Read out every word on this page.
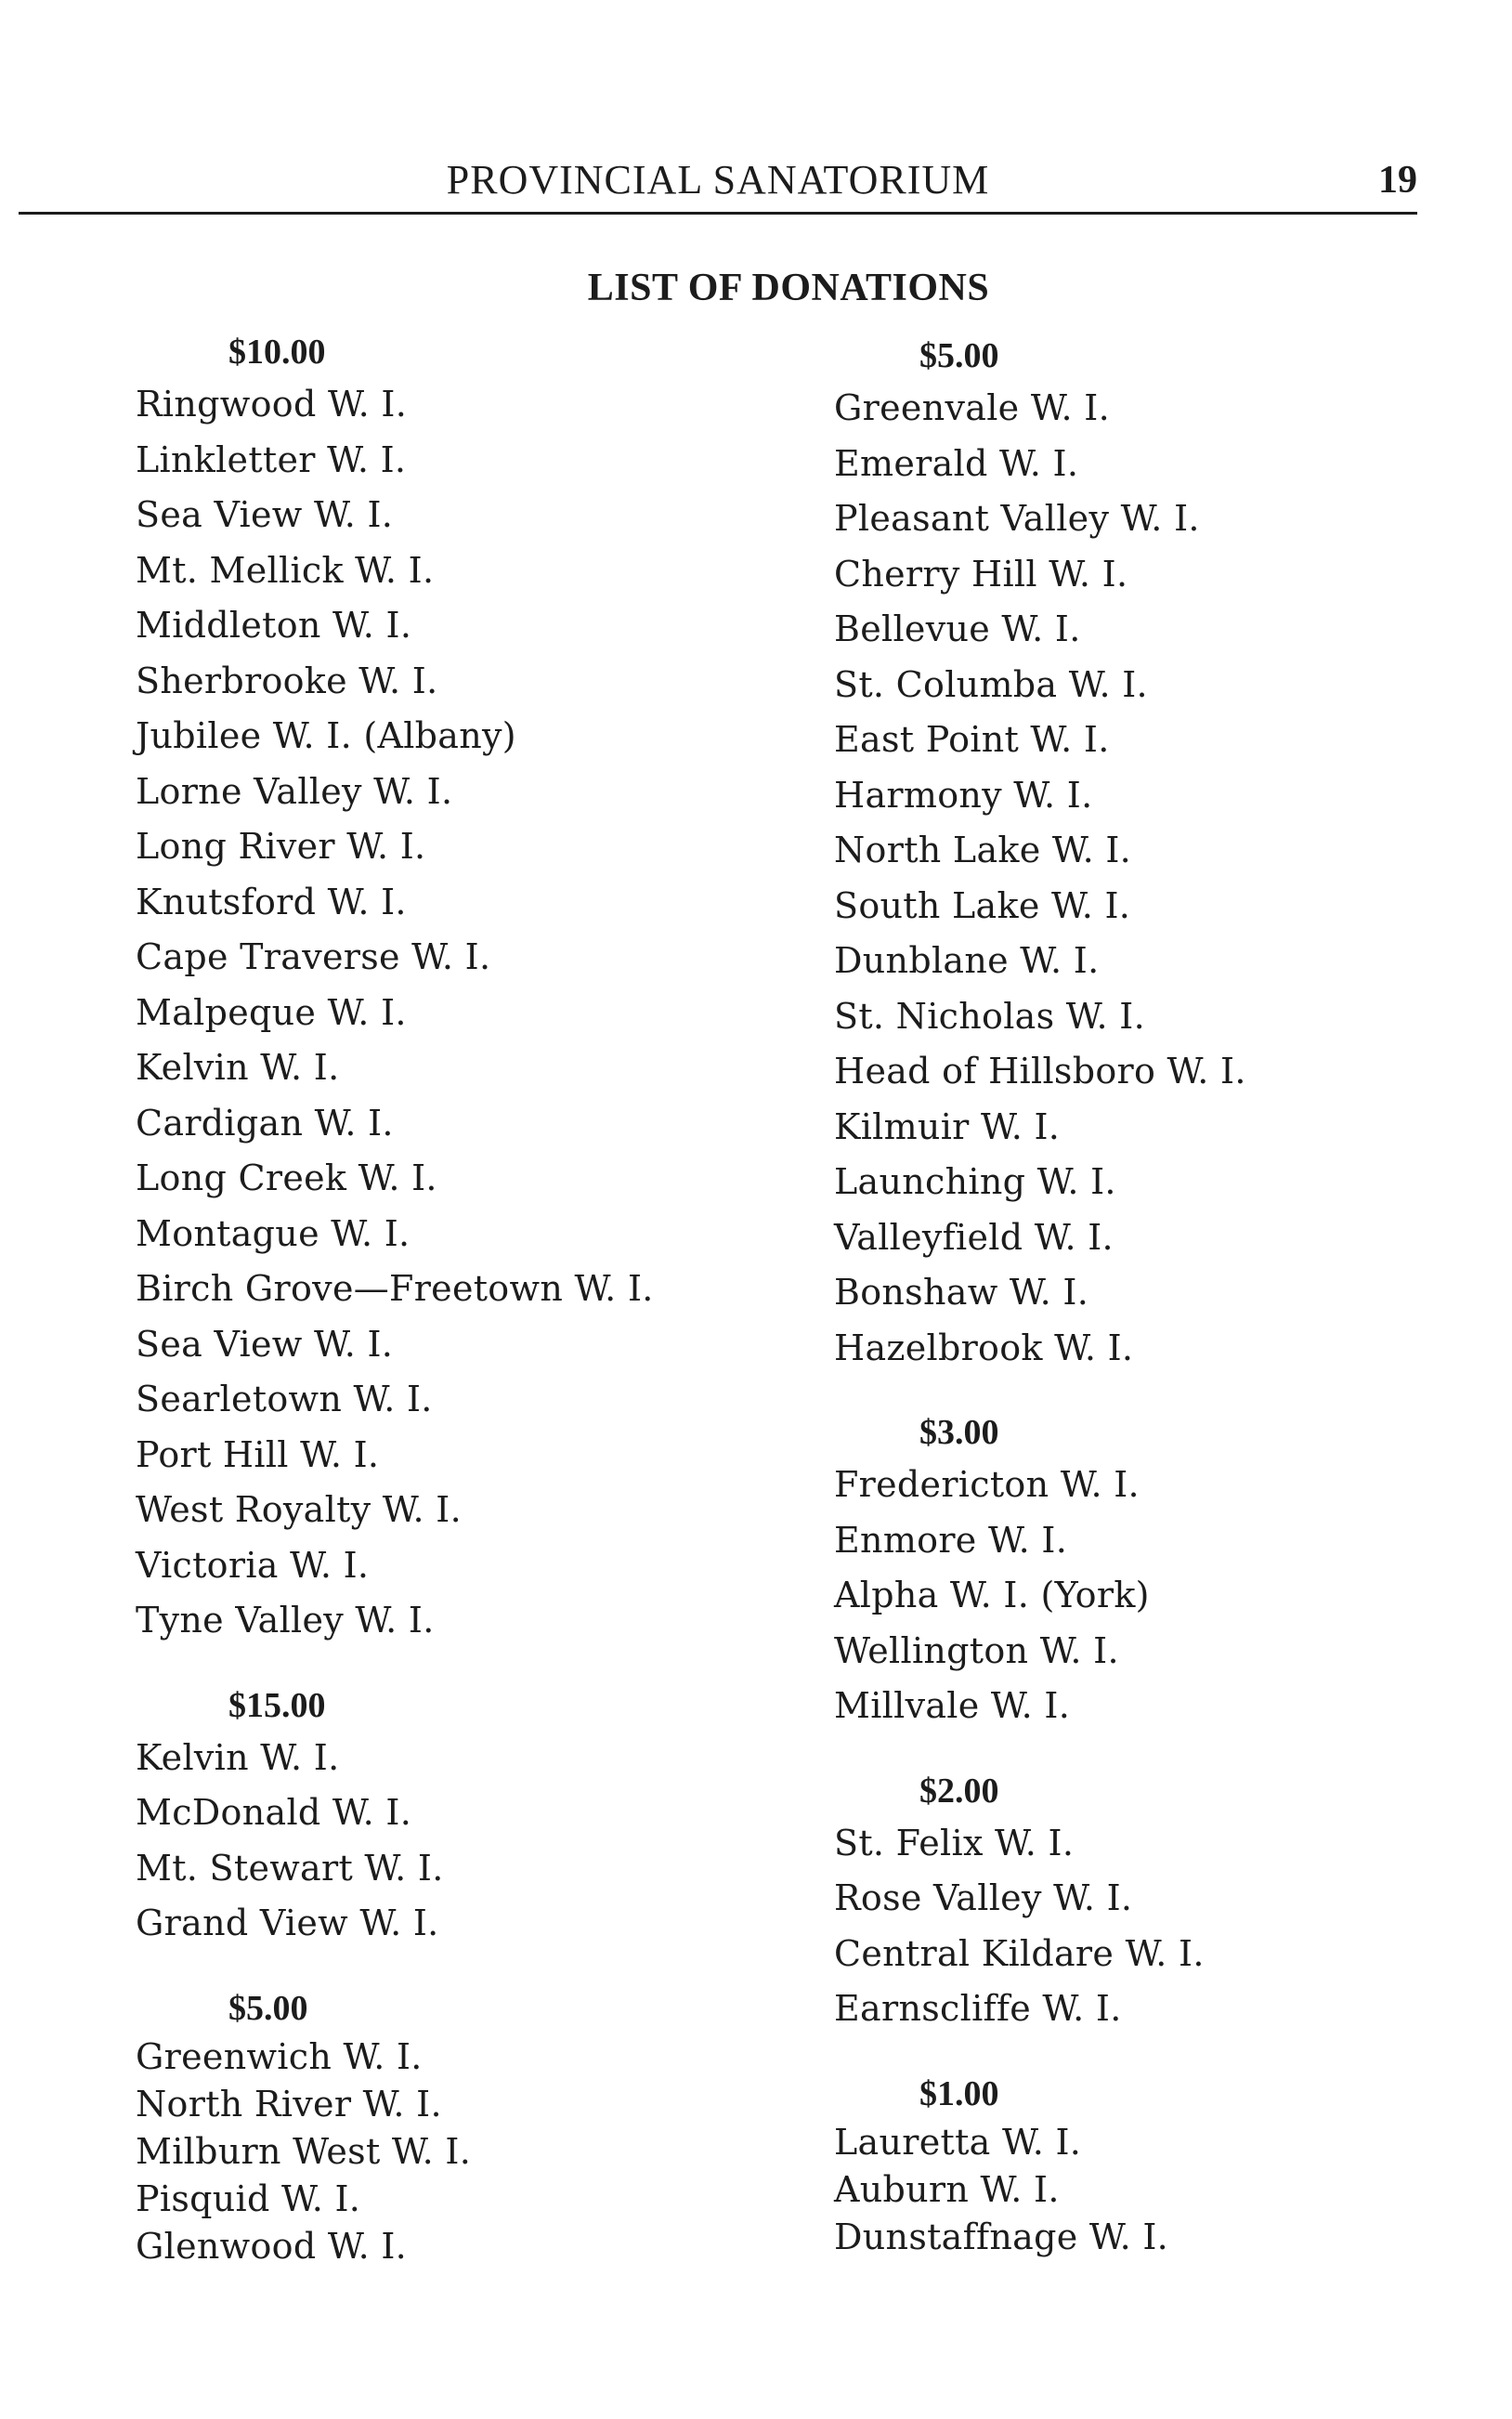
PROVINCIAL SANATORIUM	19
LIST OF DONATIONS
$10.00
Ringwood W. I.
Linkletter W. I.
Sea View W. I.
Mt. Mellick W. I.
Middleton W. I.
Sherbrooke W. I.
Jubilee W. I. (Albany)
Lorne Valley W. I.
Long River W. I.
Knutsford W. I.
Cape Traverse W. I.
Malpeque W. I.
Kelvin W. I.
Cardigan W. I.
Long Creek W. I.
Montague W. I.
Birch Grove—Freetown W. I.
Sea View W. I.
Searletown W. I.
Port Hill W. I.
West Royalty W. I.
Victoria W. I.
Tyne Valley W. I.
$15.00
Kelvin W. I.
McDonald W. I.
Mt. Stewart W. I.
Grand View W. I.
$5.00
Greenwich W. I.
North River W. I.
Milburn West W. I.
Pisquid W. I.
Glenwood W. I.
$5.00
Greenvale W. I.
Emerald W. I.
Pleasant Valley W. I.
Cherry Hill W. I.
Bellevue W. I.
St. Columba W. I.
East Point W. I.
Harmony W. I.
North Lake W. I.
South Lake W. I.
Dunblane W. I.
St. Nicholas W. I.
Head of Hillsboro W. I.
Kilmuir W. I.
Launching W. I.
Valleyfield W. I.
Bonshaw W. I.
Hazelbrook W. I.
$3.00
Fredericton W. I.
Enmore W. I.
Alpha W. I. (York)
Wellington W. I.
Millvale W. I.
$2.00
St. Felix W. I.
Rose Valley W. I.
Central Kildare W. I.
Earnscliffe W. I.
$1.00
Lauretta W. I.
Auburn W. I.
Dunstaffnage W. I.
